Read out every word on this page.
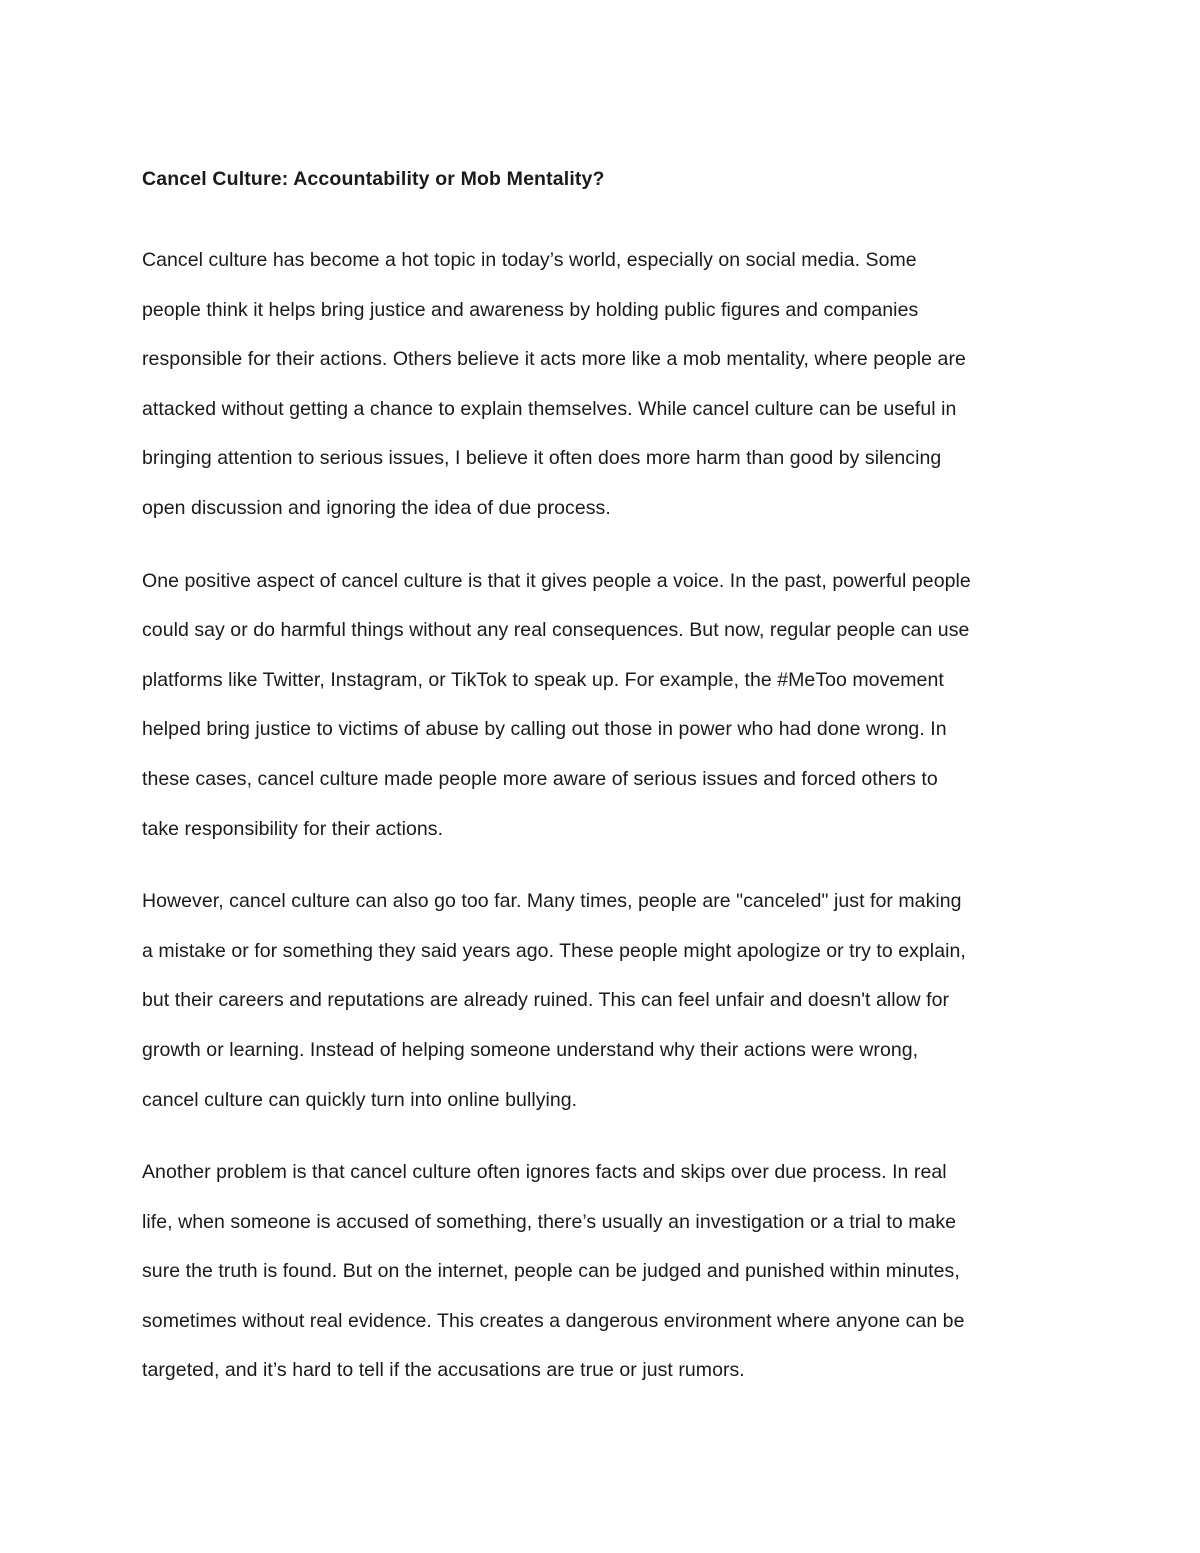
Cancel Culture: Accountability or Mob Mentality?
Cancel culture has become a hot topic in today’s world, especially on social media. Some
people think it helps bring justice and awareness by holding public figures and companies
responsible for their actions. Others believe it acts more like a mob mentality, where people are
attacked without getting a chance to explain themselves. While cancel culture can be useful in
bringing attention to serious issues, I believe it often does more harm than good by silencing
open discussion and ignoring the idea of due process.
One positive aspect of cancel culture is that it gives people a voice. In the past, powerful people
could say or do harmful things without any real consequences. But now, regular people can use
platforms like Twitter, Instagram, or TikTok to speak up. For example, the #MeToo movement
helped bring justice to victims of abuse by calling out those in power who had done wrong. In
these cases, cancel culture made people more aware of serious issues and forced others to
take responsibility for their actions.
However, cancel culture can also go too far. Many times, people are "canceled" just for making
a mistake or for something they said years ago. These people might apologize or try to explain,
but their careers and reputations are already ruined. This can feel unfair and doesn't allow for
growth or learning. Instead of helping someone understand why their actions were wrong,
cancel culture can quickly turn into online bullying.
Another problem is that cancel culture often ignores facts and skips over due process. In real
life, when someone is accused of something, there’s usually an investigation or a trial to make
sure the truth is found. But on the internet, people can be judged and punished within minutes,
sometimes without real evidence. This creates a dangerous environment where anyone can be
targeted, and it’s hard to tell if the accusations are true or just rumors.
